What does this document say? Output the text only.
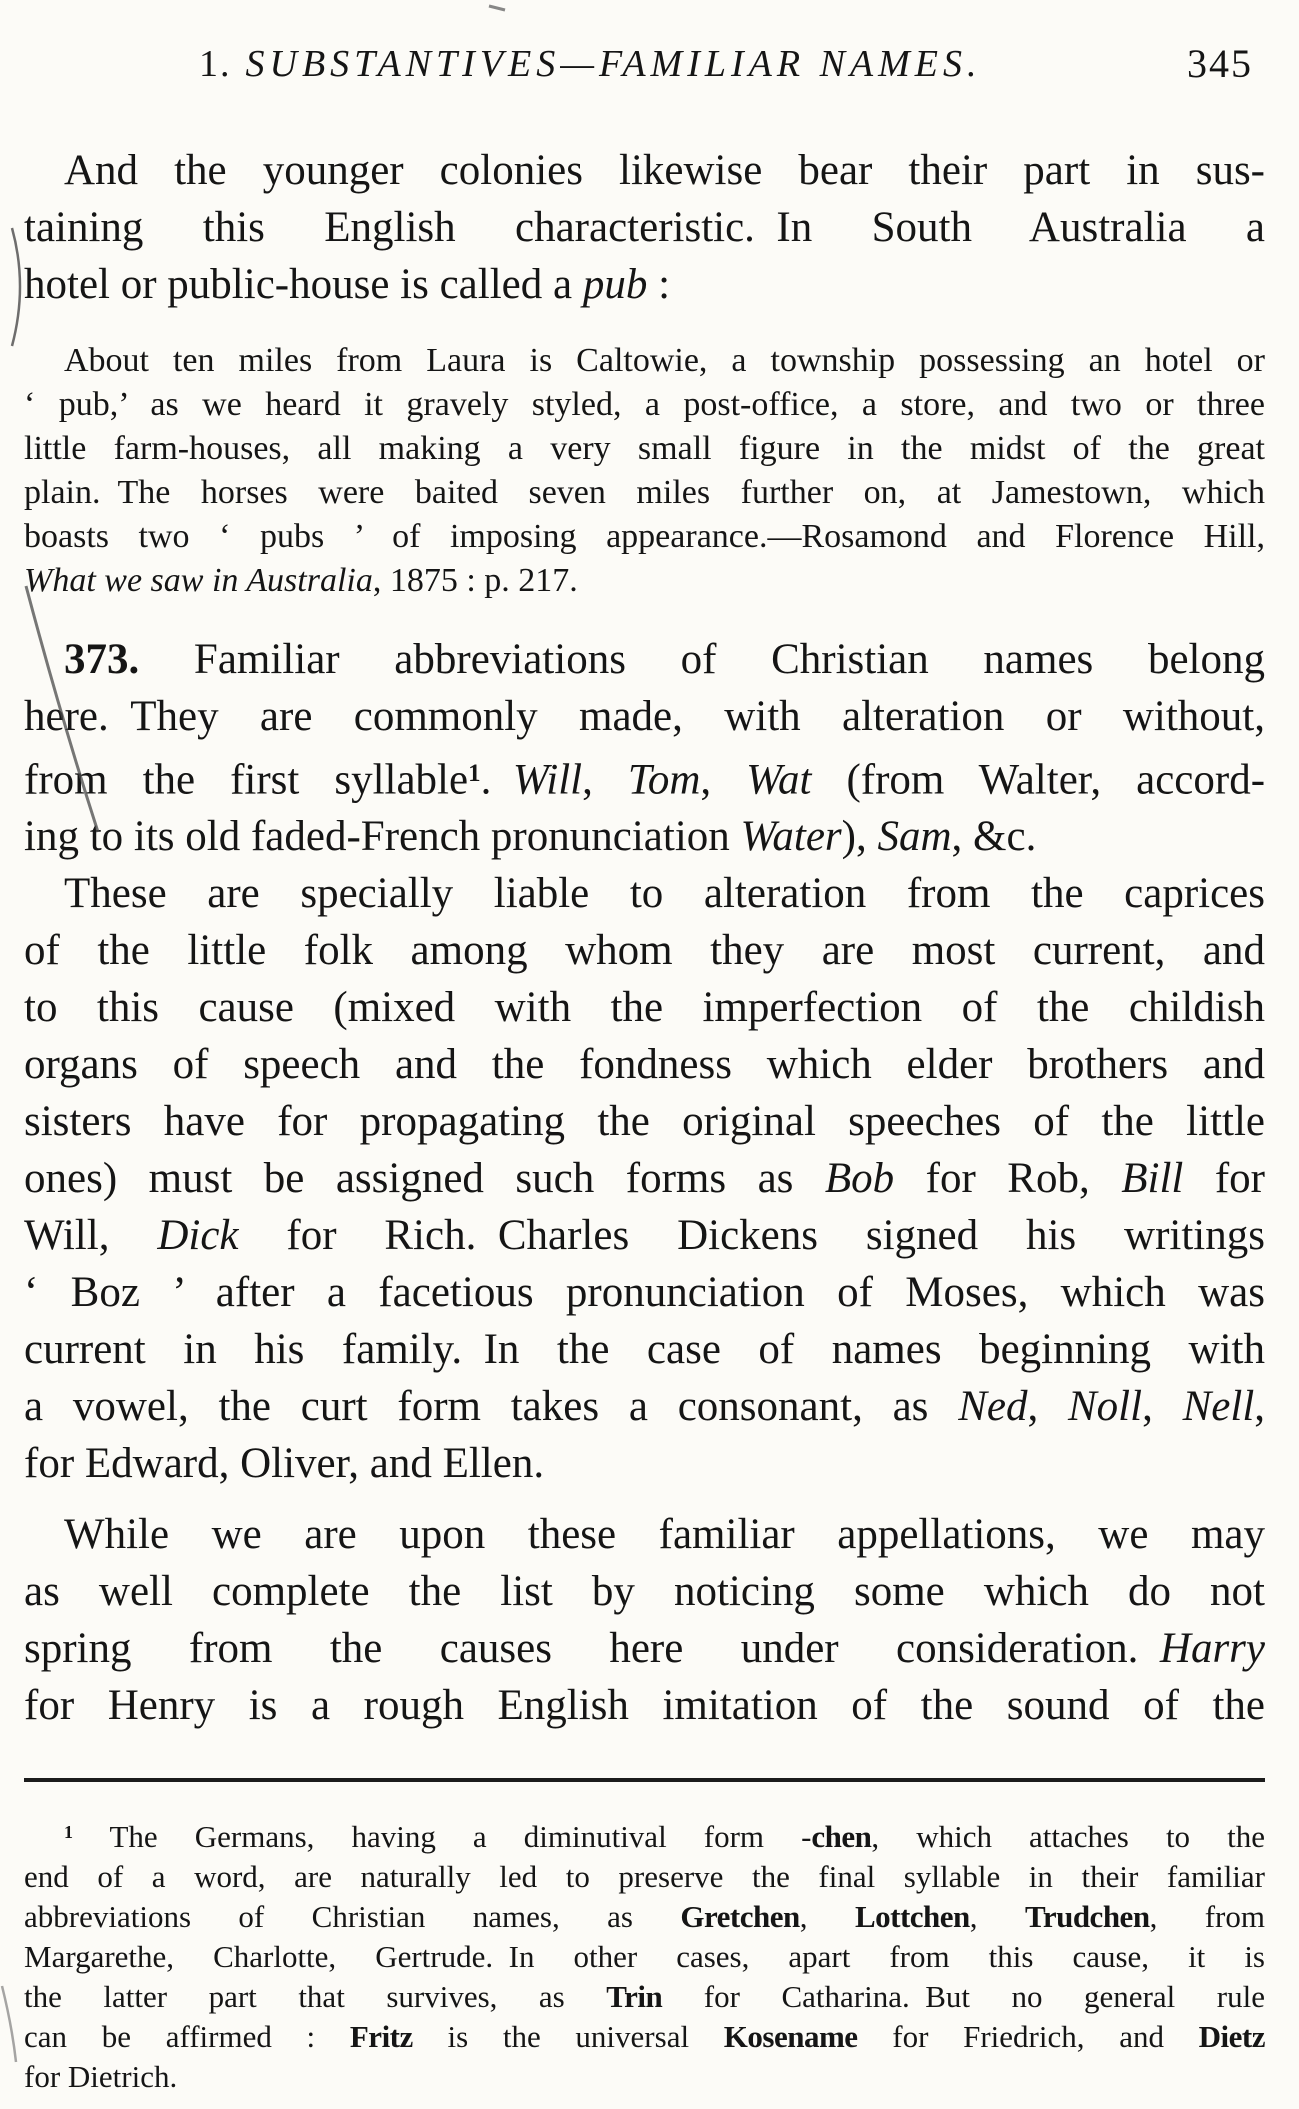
1. SUBSTANTIVES—FAMILIAR NAMES.	345
And the younger colonies likewise bear their part in sus-
taining this English characteristic. In South Australia a
hotel or public-house is called a pub :
About ten miles from Laura is Caltowie, a township possessing an hotel or
‘ pub,’ as we heard it gravely styled, a post-office, a store, and two or three
little farm-houses, all making a very small figure in the midst of the great
plain. The horses were baited seven miles further on, at Jamestown, which
boasts two ‘ pubs ’ of imposing appearance.—Rosamond and Florence Hill,
What we saw in Australia, 1875 : p. 217.
373. Familiar abbreviations of Christian names belong
here. They are commonly made, with alteration or without,
from the first syllable$^1$. Will, Tom, Wat (from Walter, accord-
ing to its old faded-French pronunciation Water), Sam, &c.
These are specially liable to alteration from the caprices
of the little folk among whom they are most current, and
to this cause (mixed with the imperfection of the childish
organs of speech and the fondness which elder brothers and
sisters have for propagating the original speeches of the little
ones) must be assigned such forms as Bob for Rob, Bill for
Will, Dick for Rich. Charles Dickens signed his writings
‘ Boz ’ after a facetious pronunciation of Moses, which was
current in his family. In the case of names beginning with
a vowel, the curt form takes a consonant, as Ned, Noll, Nell,
for Edward, Oliver, and Ellen.
While we are upon these familiar appellations, we may
as well complete the list by noticing some which do not
spring from the causes here under consideration. Harry
for Henry is a rough English imitation of the sound of the
$^1$ The Germans, having a diminutival form -chen, which attaches to the
end of a word, are naturally led to preserve the final syllable in their familiar
abbreviations of Christian names, as Gretchen, Lottchen, Trudchen, from
Margarethe, Charlotte, Gertrude. In other cases, apart from this cause, it is
the latter part that survives, as Trin for Catharina. But no general rule
can be affirmed : Fritz is the universal Kosename for Friedrich, and Dietz
for Dietrich.
